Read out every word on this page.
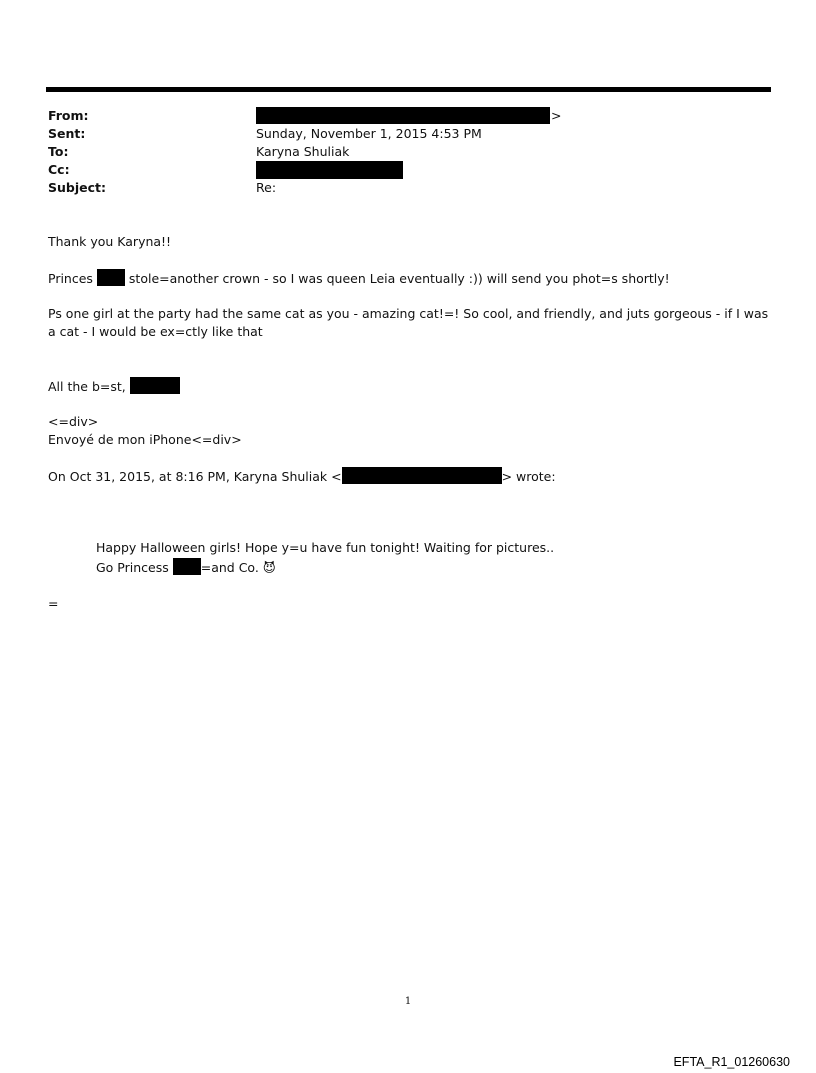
From:	>
Sent:	Sunday, November 1, 2015 4:53 PM
To:	Karyna Shuliak
Cc:
Subject:	Re:
Thank you Karyna!!
Princes	stole=another crown - so I was queen Leia eventually :)) will send you phot=s shortly!
Ps one girl at the party had the same cat as you - amazing cat!=! So cool, and friendly, and juts gorgeous - if I was a cat - I would be ex=ctly like that
All the b=st,
<=div>
Envoyé de mon iPhone<=div>
On Oct 31, 2015, at 8:16 PM, Karyna Shuliak <	> wrote:
Happy Halloween girls! Hope y=u have fun tonight! Waiting for pictures..
Go Princess	=and Co. 😈
=
1
EFTA_R1_01260630
